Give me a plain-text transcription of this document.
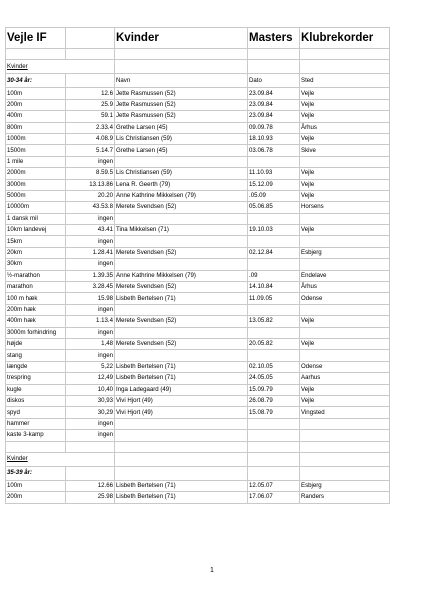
Vejle IF		Kvinder	Masters	Klubrekorder

Kvinder				
30-34 år:		Navn	Dato	Sted
100m	12.6	Jette Rasmussen (52)	23.09.84	Vejle
200m	25.9	Jette Rasmussen (52)	23.09.84	Vejle
400m	59.1	Jette Rasmussen (52)	23.09.84	Vejle
800m	2.33.4	Grethe Larsen (45)	09.09.78	Århus
1000m	4.08.9	Lis Christiansen (59)	18.10.93	Vejle
1500m	5.14.7	Grethe Larsen (45)	03.06.78	Skive
1 mile	ingen			
2000m	8.59.5	Lis Christiansen (59)	11.10.93	Vejle
3000m	13.13.86	Lena R. Geerth (79)	15.12.09	Vejle
5000m	20.20	Anne Kathrine Mikkelsen (79)	.05.09	Vejle
10000m	43.53.8	Merete Svendsen (52)	05.06.85	Horsens
1 dansk mil	ingen			
10km landevej	43.41	Tina Mikkelsen (71)	19.10.03	Vejle
15km	ingen			
20km	1.28.41	Merete Svendsen (52)	02.12.84	Esbjerg
30km	ingen			
½-marathon	1.39.35	Anne Kathrine Mikkelsen (79)	.09	Endelave
marathon	3.28.45	Merete Svendsen (52)	14.10.84	Århus
100 m hæk	15.98	Lisbeth Bertelsen (71)	11.09.05	Odense
200m hæk	ingen			
400m hæk	1.13.4	Merete Svendsen (52)	13.05.82	Vejle
3000m forhindring	ingen			
højde	1,48	Merete Svendsen (52)	20.05.82	Vejle
stang	ingen			
længde	5,22	Lisbeth Bertelsen (71)	02.10.05	Odense
trespring	12,49	Lisbeth Bertelsen (71)	24.05.05	Aarhus
kugle	10,40	Inga Ladegaard (49)	15.09.79	Vejle
diskos	30,93	Vivi Hjort (49)	26.08.79	Vejle
spyd	30,29	Vivi Hjort (49)	15.08.79	Vingsted
hammer	ingen			
kaste 3-kamp	ingen			

Kvinder				
35-39 år:				
100m	12.66	Lisbeth Bertelsen (71)	12.05.07	Esbjerg
200m	25.98	Lisbeth Bertelsen (71)	17.06.07	Randers
1
